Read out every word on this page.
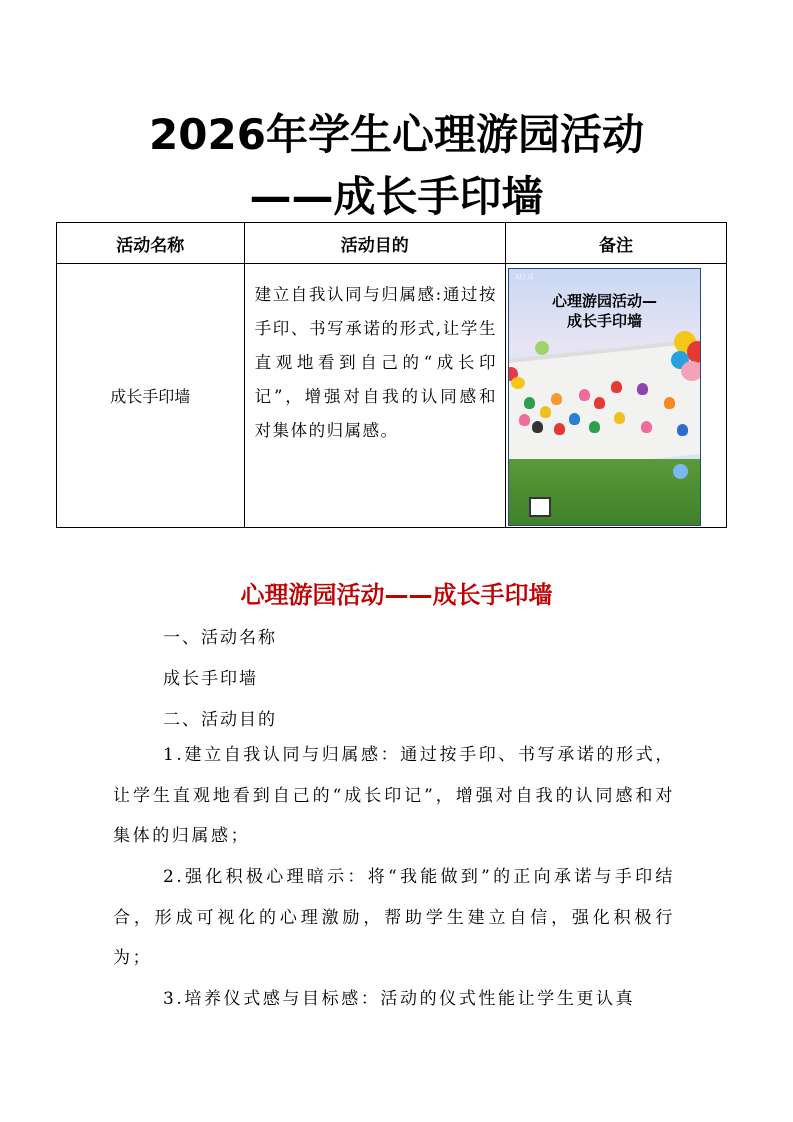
2026年学生心理游园活动
——成长手印墙
活动名称	活动目的	备注
成长手印墙	建立自我认同与归属感:通过按手印、书写承诺的形式,让学生直观地看到自己的“成长印记”，增强对自我的认同感和对集体的归属感。	AI生成
心理游园活动—
成长手印墙
心理游园活动——成长手印墙
一、活动名称
成长手印墙
二、活动目的
1.建立自我认同与归属感：通过按手印、书写承诺的形式，让学生直观地看到自己的“成长印记”，增强对自我的认同感和对集体的归属感；
2.强化积极心理暗示：将“我能做到”的正向承诺与手印结合，形成可视化的心理激励，帮助学生建立自信，强化积极行为；
3.培养仪式感与目标感：活动的仪式性能让学生更认真
